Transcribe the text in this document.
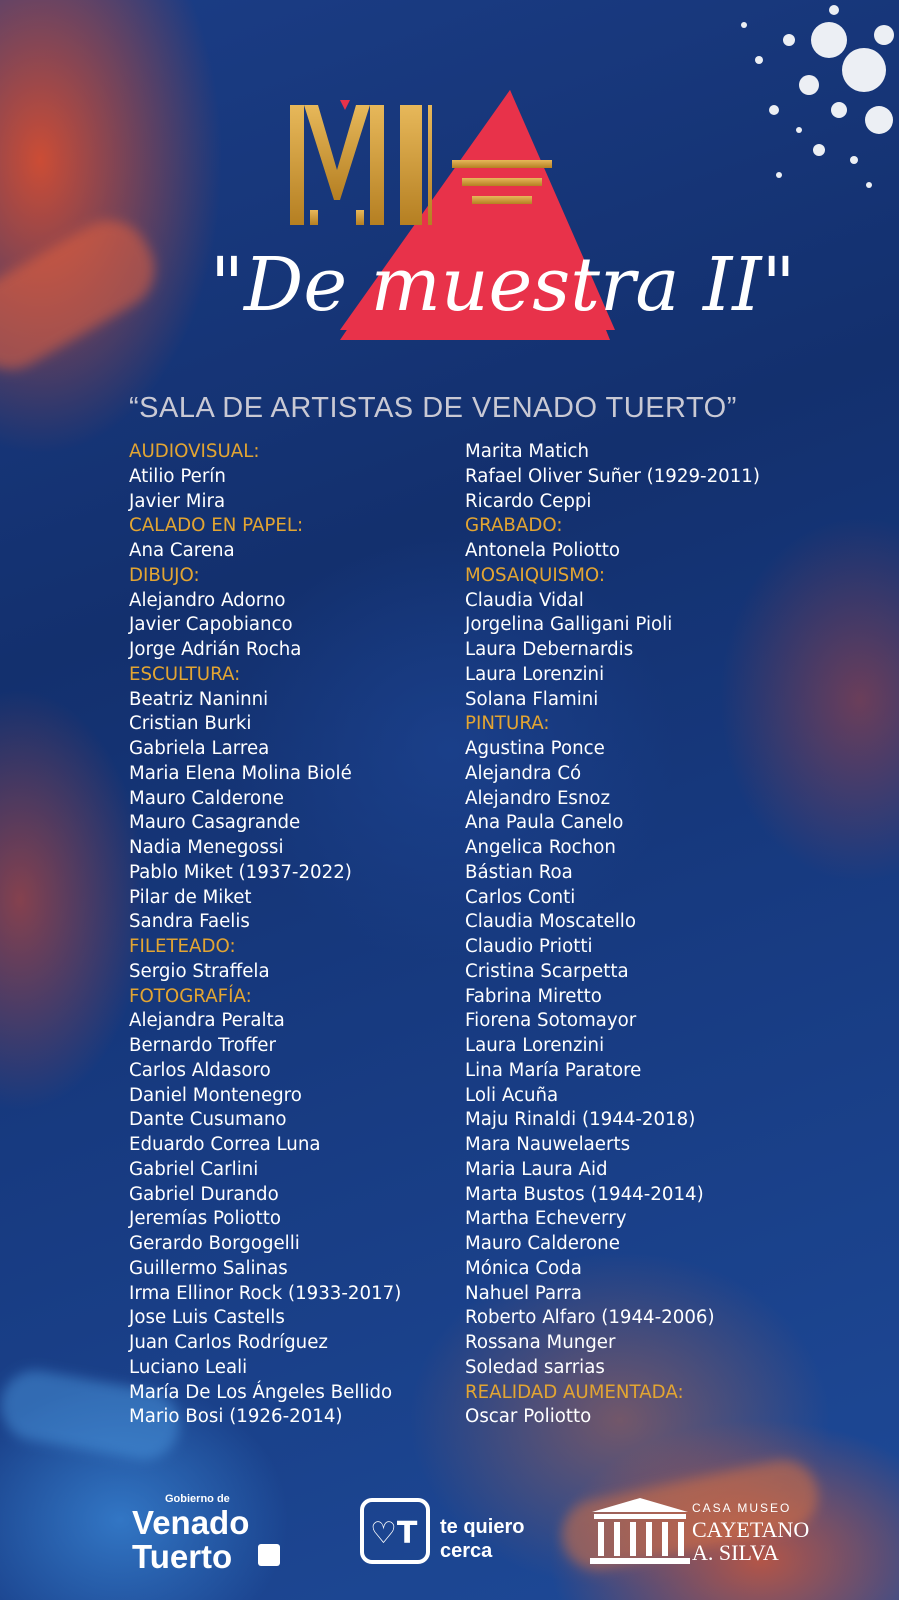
MIA
"De muestra II"
“SALA DE ARTISTAS DE VENADO TUERTO”
AUDIOVISUAL:
Atilio Perín
Javier Mira
CALADO EN PAPEL:
Ana Carena
DIBUJO:
Alejandro Adorno
Javier Capobianco
Jorge Adrián Rocha
ESCULTURA:
Beatriz Naninni
Cristian Burki
Gabriela Larrea
Maria Elena Molina Biolé
Mauro Calderone
Mauro Casagrande
Nadia Menegossi
Pablo Miket (1937-2022)
Pilar de Miket
Sandra Faelis
FILETEADO:
Sergio Straffela
FOTOGRAFÍA:
Alejandra Peralta
Bernardo Troffer
Carlos Aldasoro
Daniel Montenegro
Dante Cusumano
Eduardo Correa Luna
Gabriel Carlini
Gabriel Durando
Jeremías Poliotto
Gerardo Borgogelli
Guillermo Salinas
Irma Ellinor Rock (1933-2017)
Jose Luis Castells
Juan Carlos Rodríguez
Luciano Leali
María De Los Ángeles Bellido
Mario Bosi (1926-2014)
Marita Matich
Rafael Oliver Suñer (1929-2011)
Ricardo Ceppi
GRABADO:
Antonela Poliotto
MOSAIQUISMO:
Claudia Vidal
Jorgelina Galligani Pioli
Laura Debernardis
Laura Lorenzini
Solana Flamini
PINTURA:
Agustina Ponce
Alejandra Có
Alejandro Esnoz
Ana Paula Canelo
Angelica Rochon
Bástian Roa
Carlos Conti
Claudia Moscatello
Claudio Priotti
Cristina Scarpetta
Fabrina Miretto
Fiorena Sotomayor
Laura Lorenzini
Lina María Paratore
Loli Acuña
Maju Rinaldi (1944-2018)
Mara Nauwelaerts
Maria Laura Aid
Marta Bustos (1944-2014)
Martha Echeverry
Mauro Calderone
Mónica Coda
Nahuel Parra
Roberto Alfaro (1944-2006)
Rossana Munger
Soledad sarrias
REALIDAD AUMENTADA:
Oscar Poliotto
Gobierno de
Venado
Tuerto
♡T te quiero
cerca
CASA MUSEO
CAYETANO
A. SILVA
